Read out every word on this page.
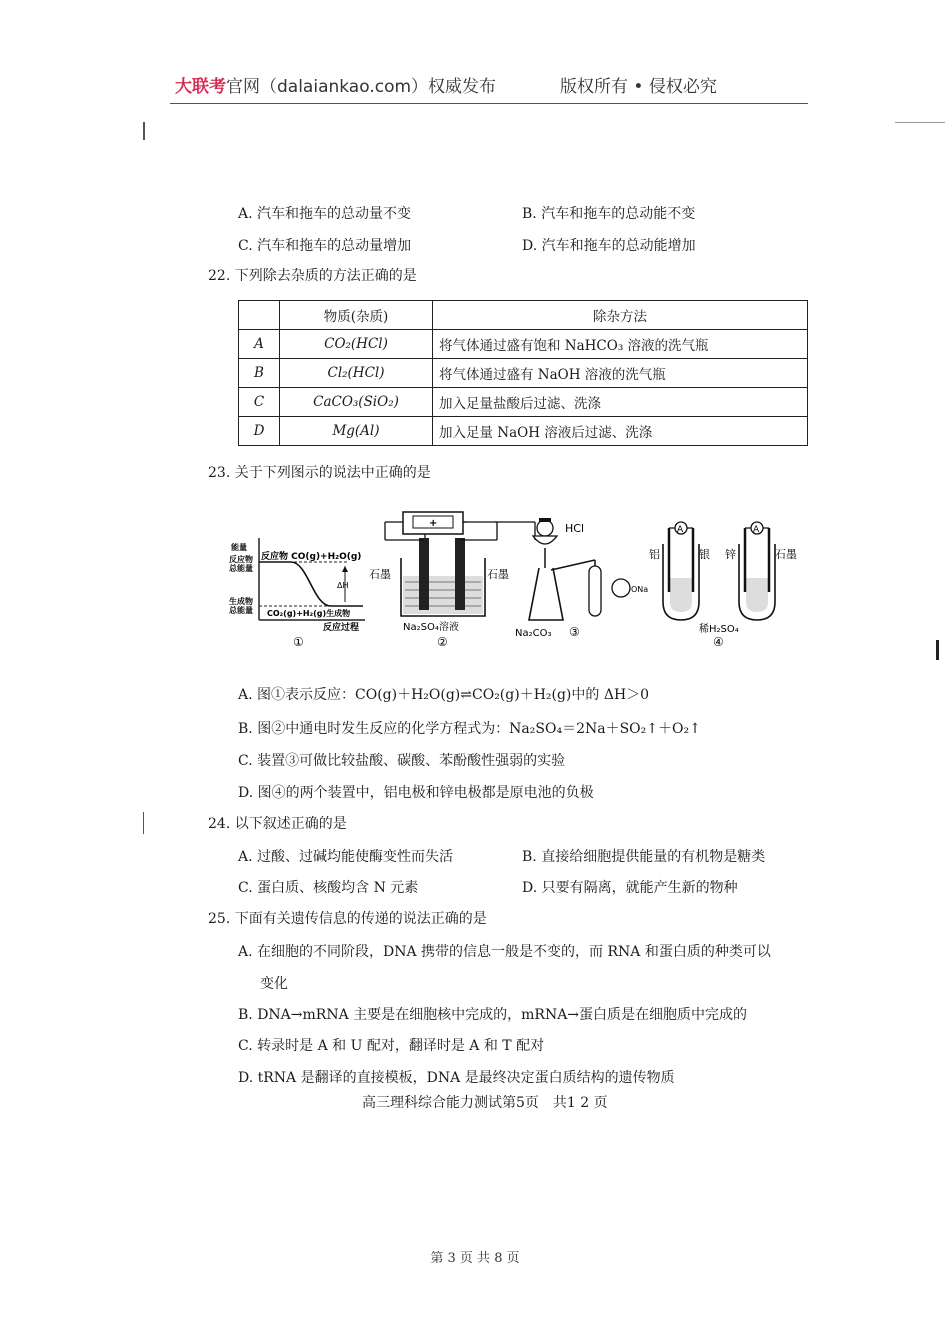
大联考官网（dalaiankao.com）权威发布	版权所有 • 侵权必究
A. 汽车和拖车的总动量不变	B. 汽车和拖车的总动能不变
C. 汽车和拖车的总动量增加	D. 汽车和拖车的总动能增加
22. 下列除去杂质的方法正确的是
	物质(杂质)	除杂方法
A	CO₂(HCl)	将气体通过盛有饱和 NaHCO₃ 溶液的洗气瓶
B	Cl₂(HCl)	将气体通过盛有 NaOH 溶液的洗气瓶
C	CaCO₃(SiO₂)	加入足量盐酸后过滤、洗涤
D	Mg(Al)	加入足量 NaOH 溶液后过滤、洗涤
23. 关于下列图示的说法中正确的是
能量
反应物
总能量
生成物
总能量
反应物 CO(g)+H₂O(g)
ΔH
CO₂(g)+H₂(g)生成物
反应过程
①
+
石墨	石墨
Na₂SO₄溶液
②
HCl
ONa
Na₂CO₃ ③
A	A
铝	银 锌	石墨
稀H₂SO₄
④
A. 图①表示反应：CO(g)＋H₂O(g)⇌CO₂(g)＋H₂(g)中的 ΔH＞0
B. 图②中通电时发生反应的化学方程式为：Na₂SO₄＝2Na＋SO₂↑＋O₂↑
C. 装置③可做比较盐酸、碳酸、苯酚酸性强弱的实验
D. 图④的两个装置中，铝电极和锌电极都是原电池的负极
24. 以下叙述正确的是
A. 过酸、过碱均能使酶变性而失活	B. 直接给细胞提供能量的有机物是糖类
C. 蛋白质、核酸均含 N 元素	D. 只要有隔离，就能产生新的物种
25. 下面有关遗传信息的传递的说法正确的是
A. 在细胞的不同阶段，DNA 携带的信息一般是不变的，而 RNA 和蛋白质的种类可以
变化
B. DNA→mRNA 主要是在细胞核中完成的，mRNA→蛋白质是在细胞质中完成的
C. 转录时是 A 和 U 配对，翻译时是 A 和 T 配对
D. tRNA 是翻译的直接模板，DNA 是最终决定蛋白质结构的遗传物质
高三理科综合能力测试第5页　共1 2 页
第 3 页 共 8 页
